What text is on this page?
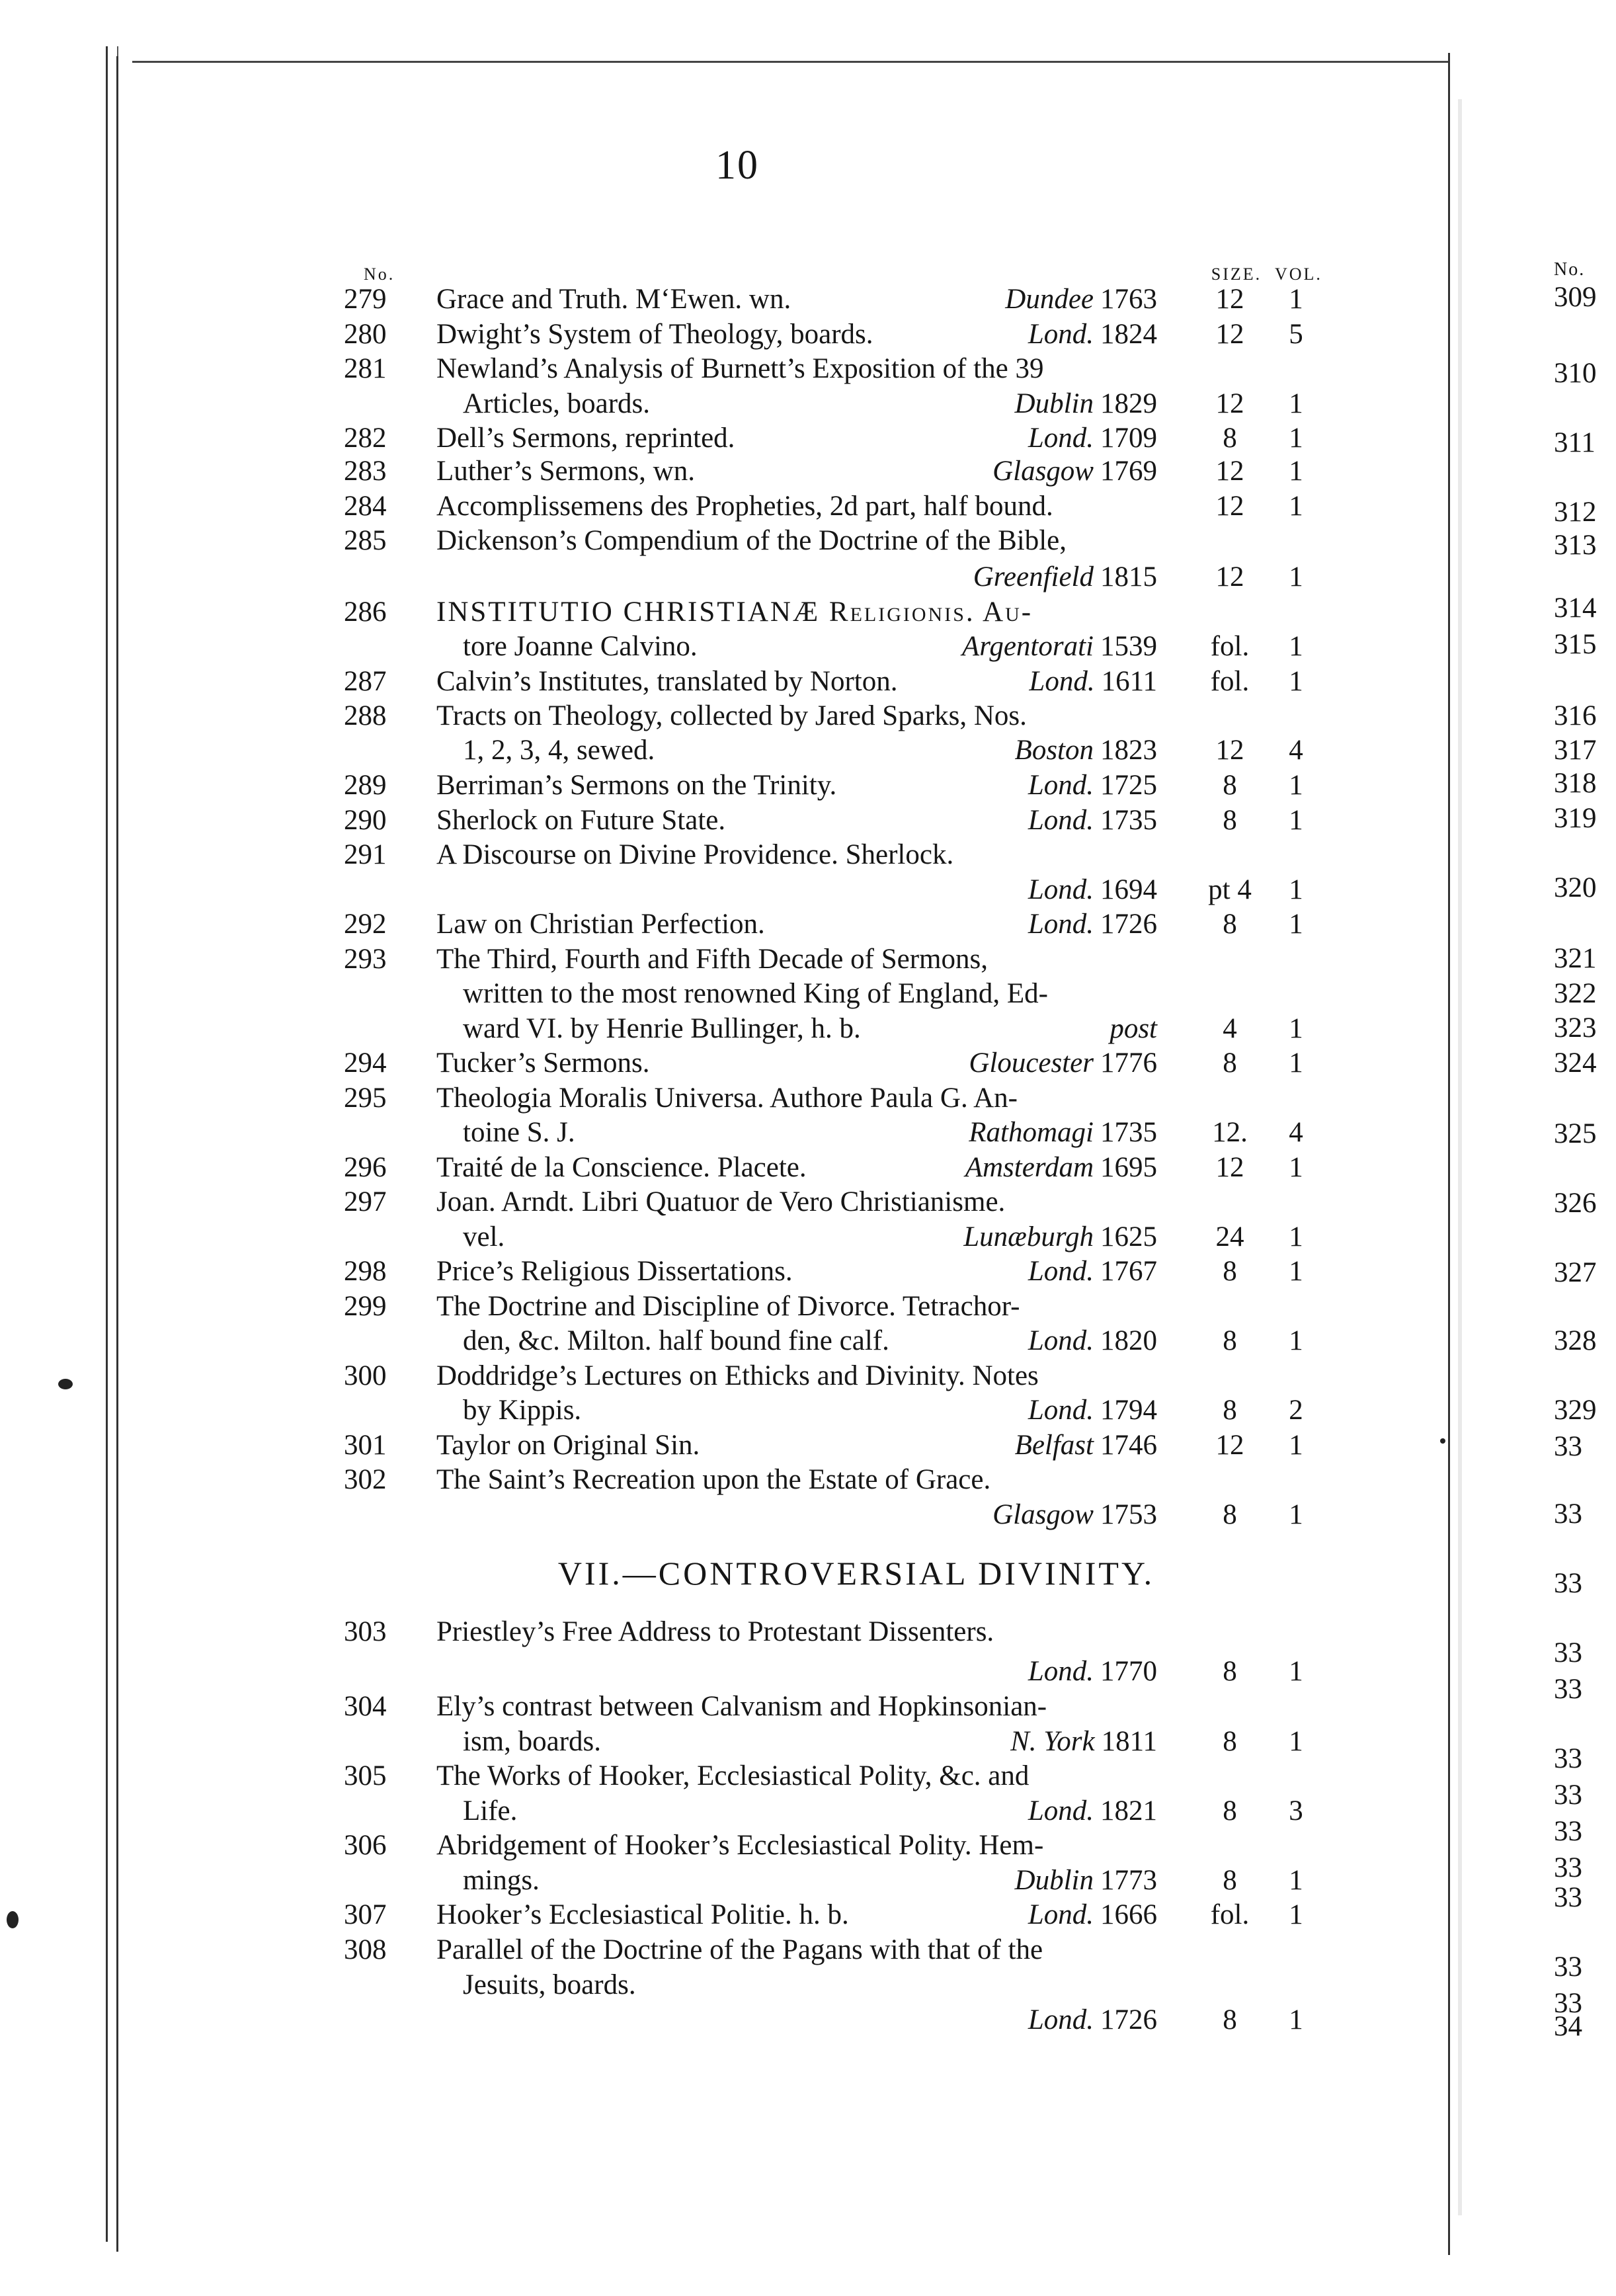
10
No.	SIZE. VOL.
279	Grace and Truth. M‘Ewen. wn.	Dundee 1763	12	1
280	Dwight’s System of Theology, boards.	Lond. 1824	12	5
281	Newland’s Analysis of Burnett’s Exposition of the 39
Articles, boards.	Dublin 1829	12	1
282	Dell’s Sermons, reprinted.	Lond. 1709	8	1
283	Luther’s Sermons, wn.	Glasgow 1769	12	1
284	Accomplissemens des Propheties, 2d part, half bound.	12	1
285	Dickenson’s Compendium of the Doctrine of the Bible,
Greenfield 1815	12	1
286	INSTITUTIO CHRISTIANÆ Religionis. Au-
tore Joanne Calvino.	Argentorati 1539	fol.	1
287	Calvin’s Institutes, translated by Norton.	Lond. 1611	fol.	1
288	Tracts on Theology, collected by Jared Sparks, Nos.
1, 2, 3, 4, sewed.	Boston 1823	12	4
289	Berriman’s Sermons on the Trinity.	Lond. 1725	8	1
290	Sherlock on Future State.	Lond. 1735	8	1
291	A Discourse on Divine Providence. Sherlock.
Lond. 1694	pt 4	1
292	Law on Christian Perfection.	Lond. 1726	8	1
293	The Third, Fourth and Fifth Decade of Sermons,
written to the most renowned King of England, Ed-
ward VI. by Henrie Bullinger, h. b.	post	4	1
294	Tucker’s Sermons.	Gloucester 1776	8	1
295	Theologia Moralis Universa. Authore Paula G. An-
toine S. J.	Rathomagi 1735	12.	4
296	Traité de la Conscience. Placete.	Amsterdam 1695	12	1
297	Joan. Arndt. Libri Quatuor de Vero Christianisme.
vel.	Lunæburgh 1625	24	1
298	Price’s Religious Dissertations.	Lond. 1767	8	1
299	The Doctrine and Discipline of Divorce. Tetrachor-
den, &c. Milton. half bound fine calf.	Lond. 1820	8	1
300	Doddridge’s Lectures on Ethicks and Divinity. Notes
by Kippis.	Lond. 1794	8	2
301	Taylor on Original Sin.	Belfast 1746	12	1
302	The Saint’s Recreation upon the Estate of Grace.
Glasgow 1753	8	1
303	Priestley’s Free Address to Protestant Dissenters.
Lond. 1770	8	1
304	Ely’s contrast between Calvanism and Hopkinsonian-
ism, boards.	N. York 1811	8	1
305	The Works of Hooker, Ecclesiastical Polity, &c. and
Life.	Lond. 1821	8	3
306	Abridgement of Hooker’s Ecclesiastical Polity. Hem-
mings.	Dublin 1773	8	1
307	Hooker’s Ecclesiastical Politie. h. b.	Lond. 1666	fol.	1
308	Parallel of the Doctrine of the Pagans with that of the
Jesuits, boards.
Lond. 1726	8	1
VII.—CONTROVERSIAL DIVINITY.
No.
309
310
311
312
313
314
315
316
317
318
319
320
321
322
323
324
325
326
327
328
329
33
33
33
33
33
33
33
33
33
33
33
33
34
